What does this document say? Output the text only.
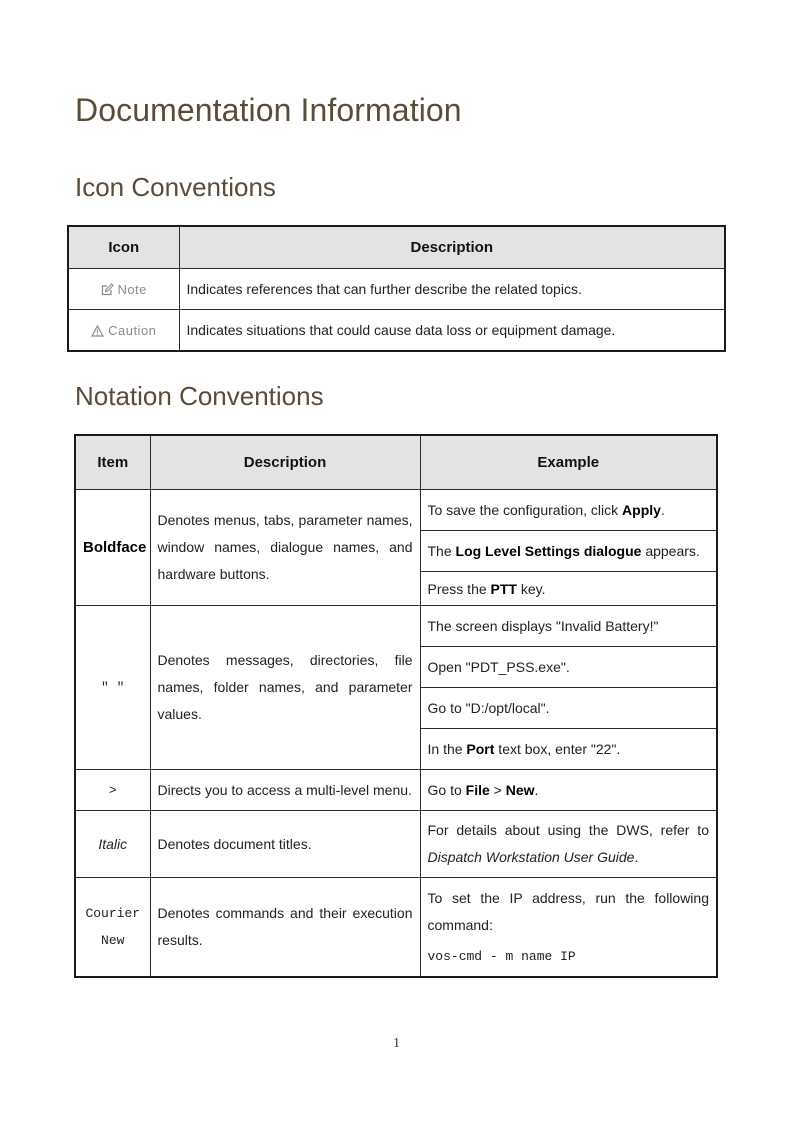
Documentation Information
Icon Conventions
Icon	Description
Note	Indicates references that can further describe the related topics.
Caution	Indicates situations that could cause data loss or equipment damage.
Notation Conventions
Item	Description	Example
Boldface	Denotes menus, tabs, parameter names, window names, dialogue names, and hardware buttons.	To save the configuration, click Apply.
		The Log Level Settings dialogue appears.
		Press the PTT key.
" "	Denotes messages, directories, file names, folder names, and parameter values.	The screen displays "Invalid Battery!"
		Open "PDT_PSS.exe".
		Go to "D:/opt/local".
		In the Port text box, enter "22".
>	Directs you to access a multi-level menu.	Go to File > New.
Italic	Denotes document titles.	For details about using the DWS, refer to Dispatch Workstation User Guide.
Courier New	Denotes commands and their execution results.	To set the IP address, run the following command:
vos-cmd - m name IP
1
